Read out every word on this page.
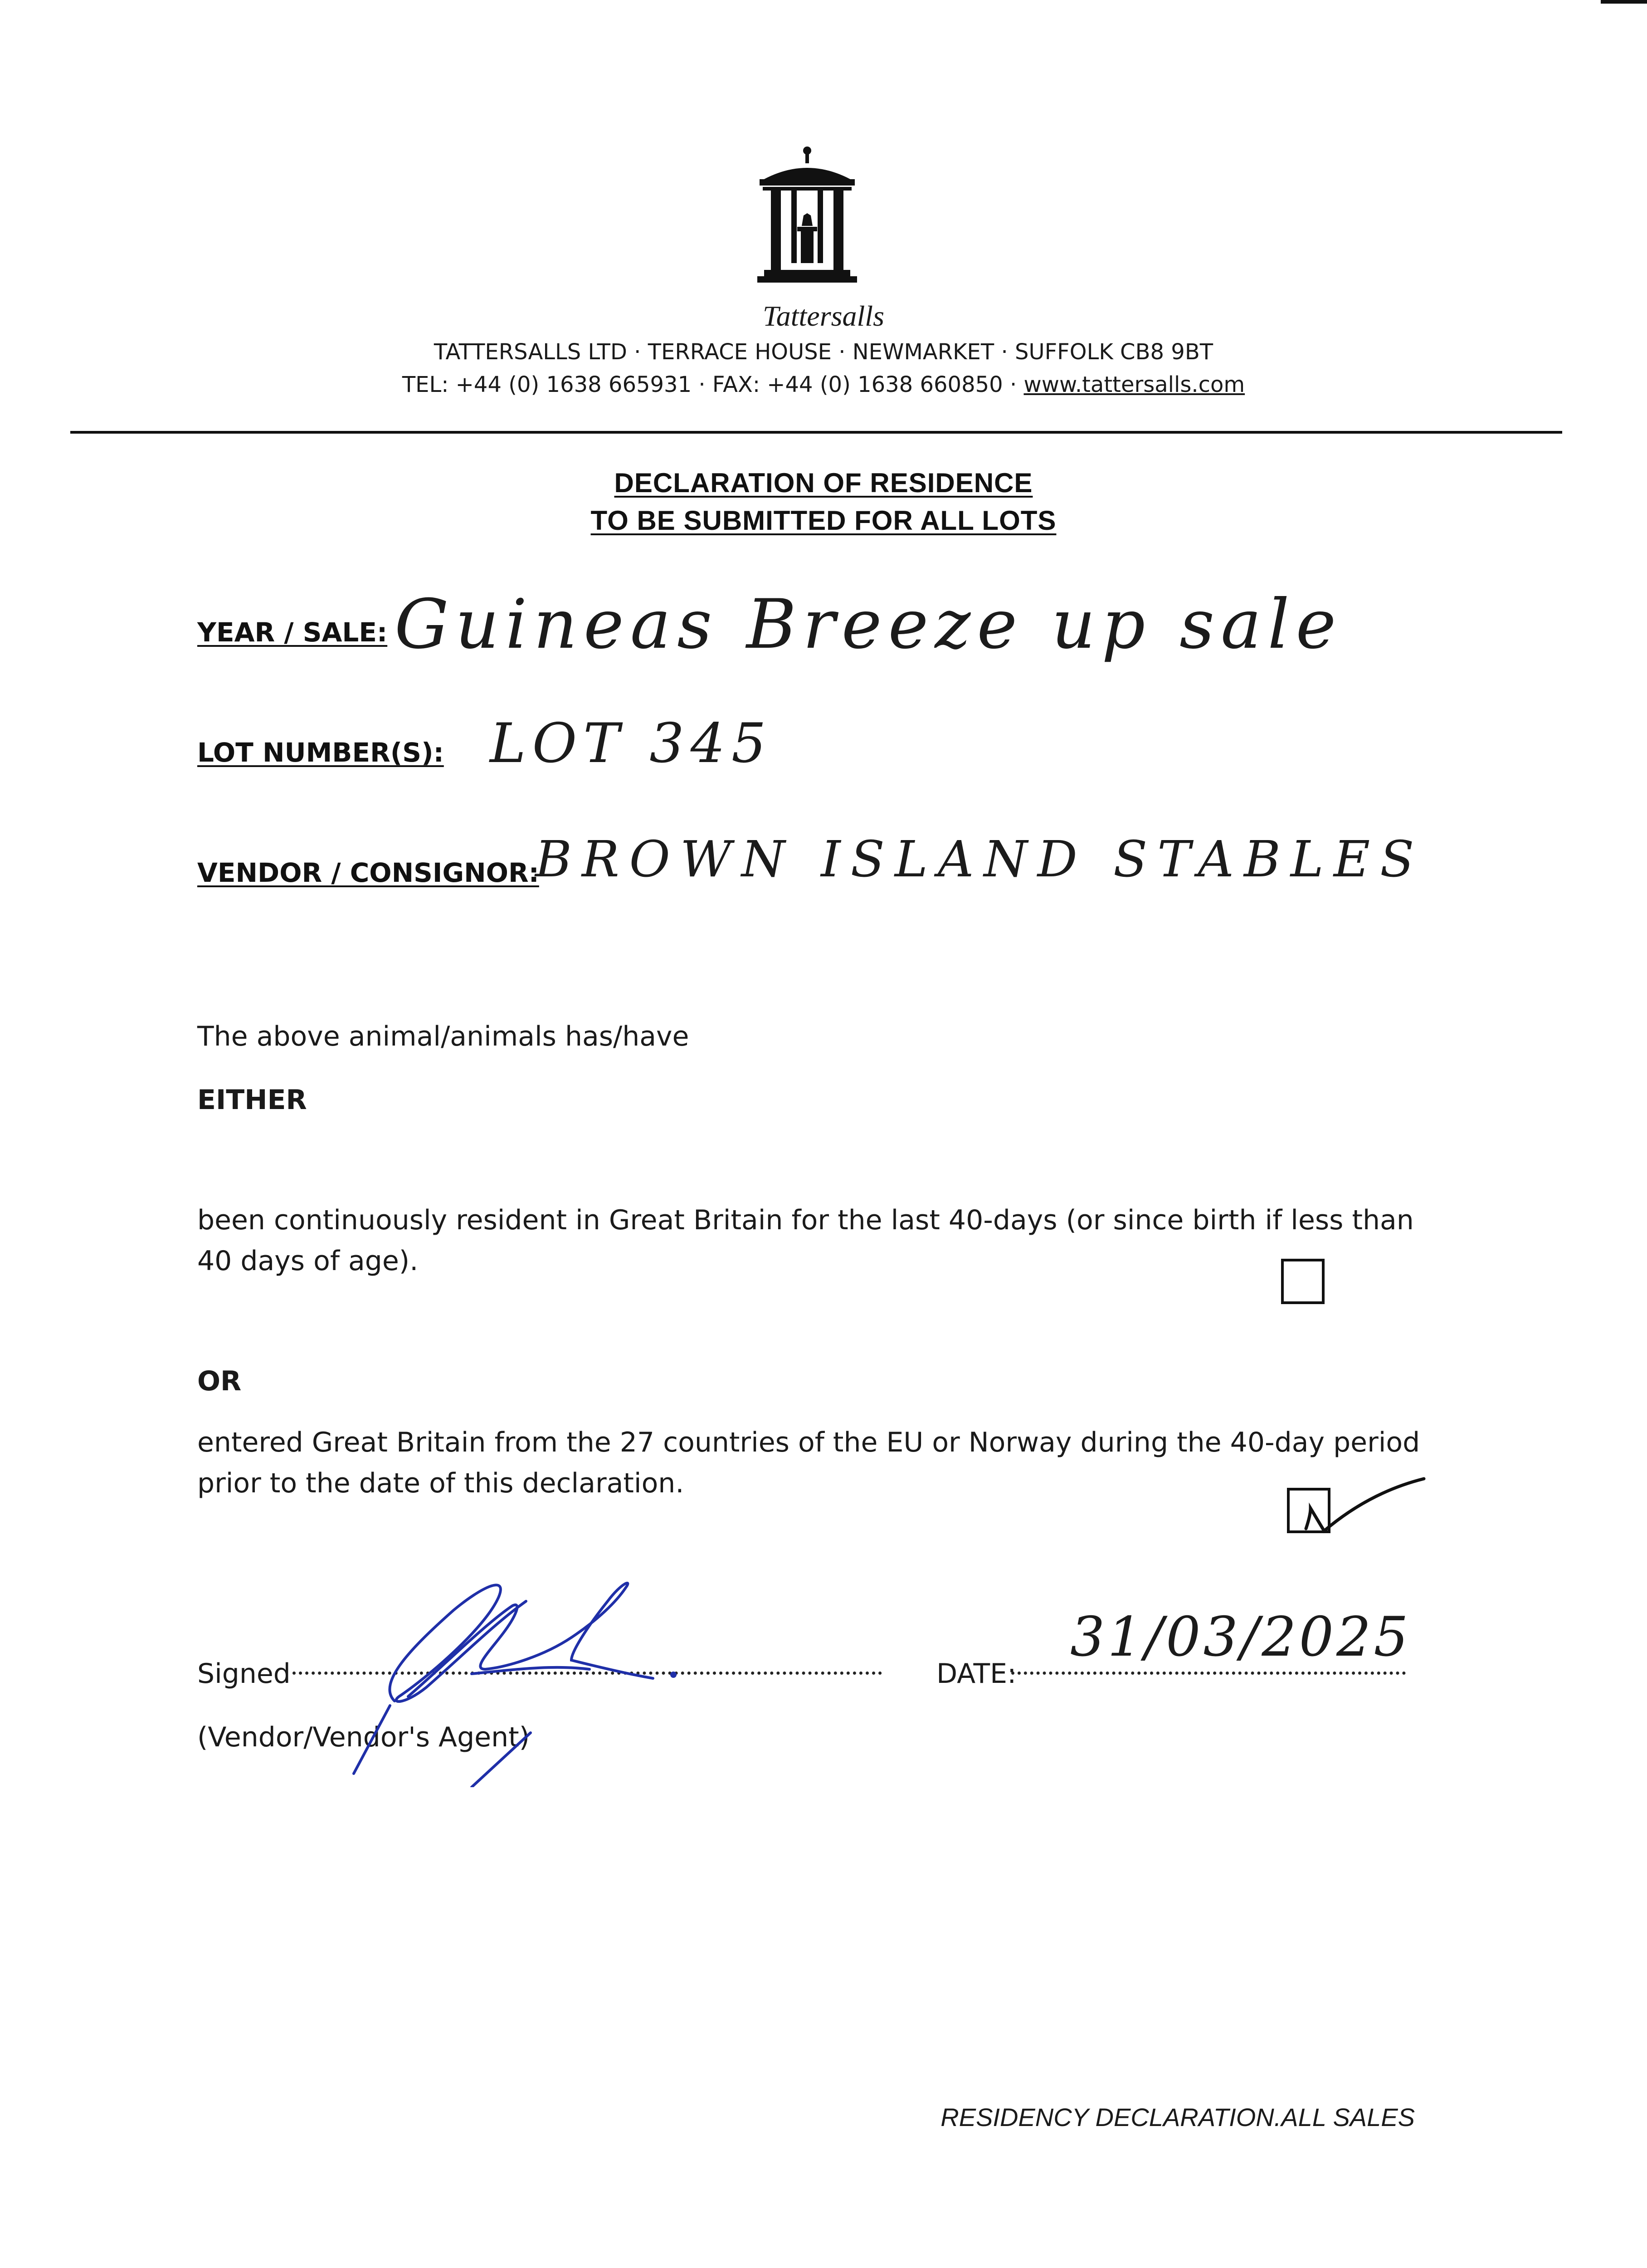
Tattersalls
TATTERSALLS LTD · TERRACE HOUSE · NEWMARKET · SUFFOLK CB8 9BT
TEL: +44 (0) 1638 665931 · FAX: +44 (0) 1638 660850 · www.tattersalls.com
DECLARATION OF RESIDENCE
TO BE SUBMITTED FOR ALL LOTS
YEAR / SALE: Guineas Breeze up sale
LOT NUMBER(S): LOT 345
VENDOR / CONSIGNOR:
BROWN ISLAND STABLES
The above animal/animals has/have
EITHER
been continuously resident in Great Britain for the last 40-days (or since birth if less than 40 days of age).
OR
entered Great Britain from the 27 countries of the EU or Norway during the 40-day period prior to the date of this declaration.
Signed
(Vendor/Vendor's Agent)
DATE:
31/03/2025
RESIDENCY DECLARATION.ALL SALES
